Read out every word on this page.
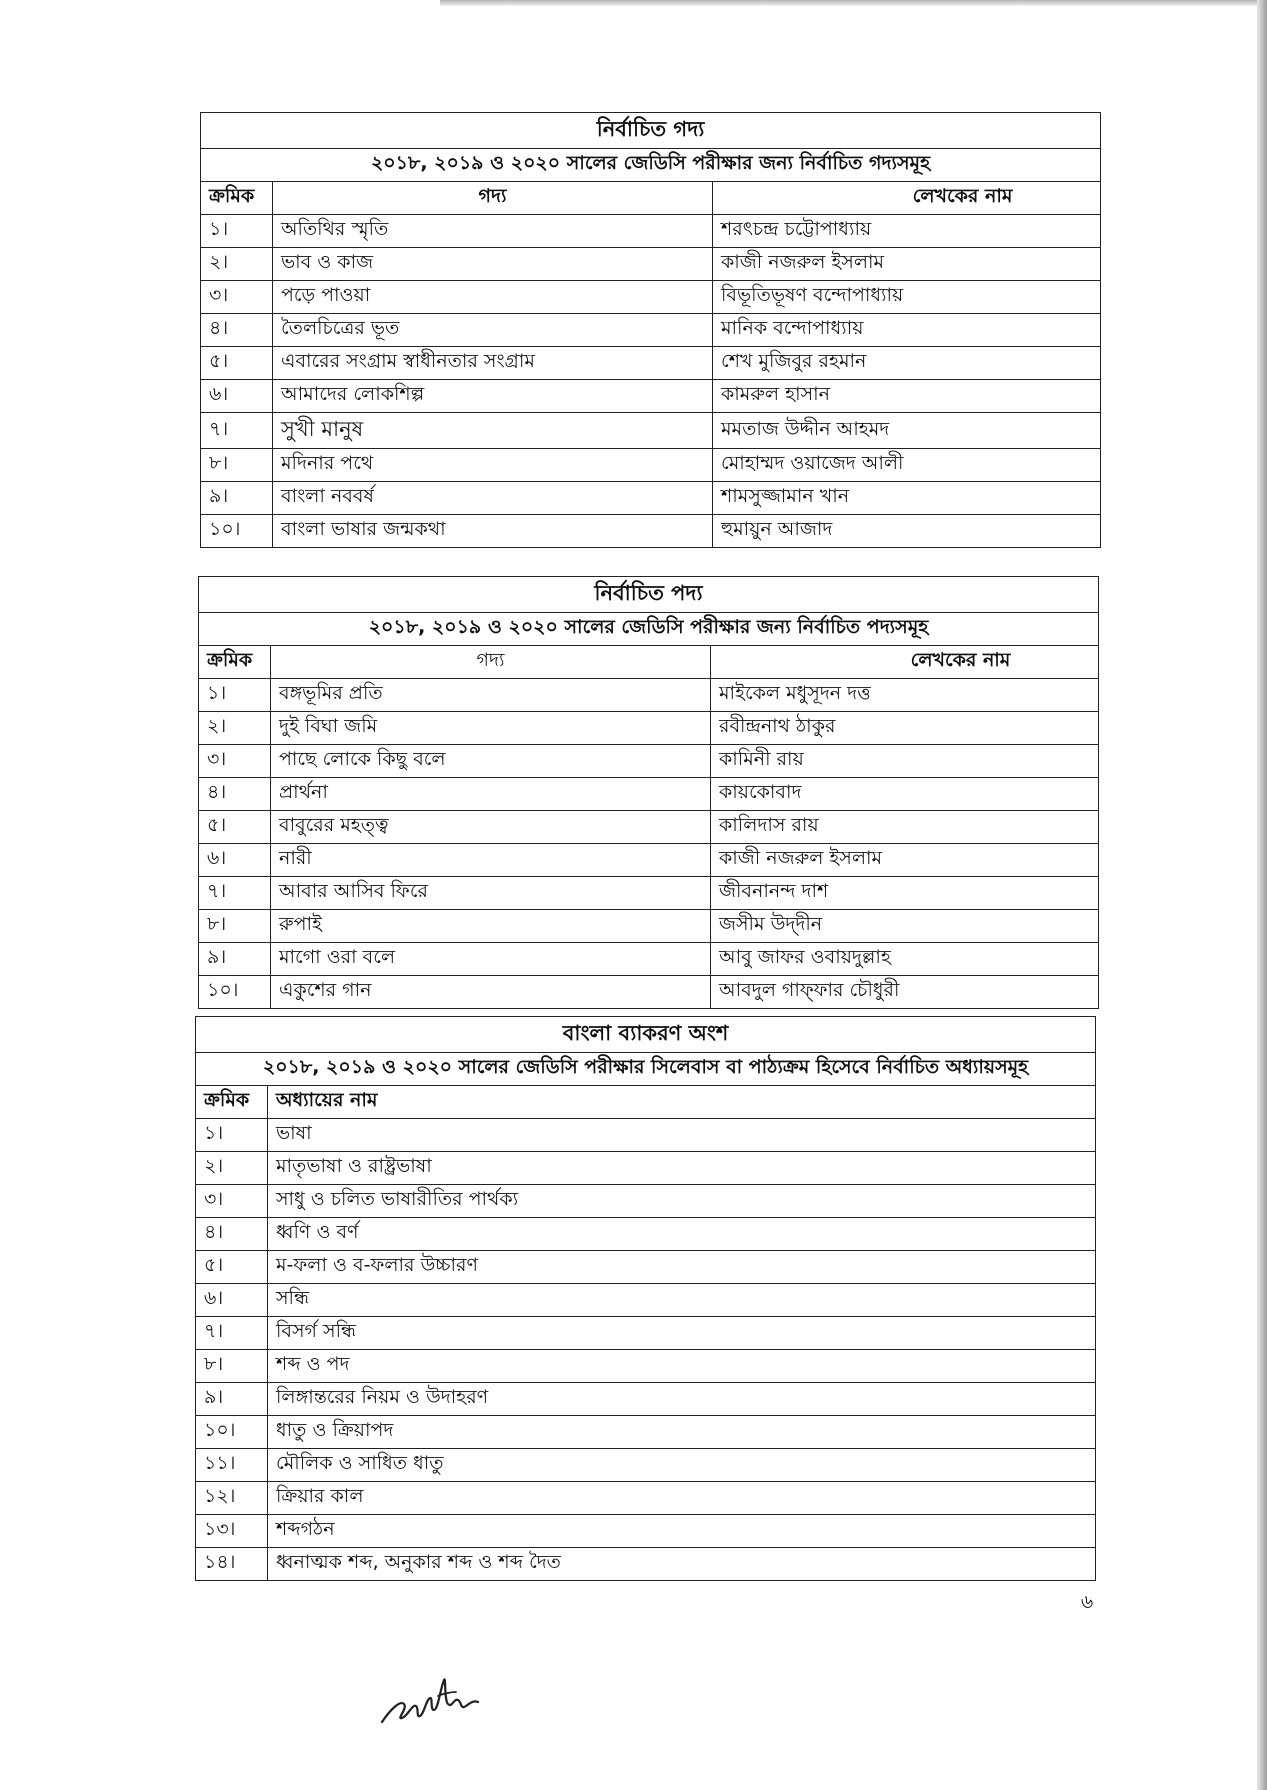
নির্বাচিত গদ্য		
২০১৮, ২০১৯ ও ২০২০ সালের জেডিসি পরীক্ষার জন্য নির্বাচিত গদ্যসমূহ		
ক্রমিক	গদ্য	লেখকের নাম
১।	অতিথির স্মৃতি	শরৎচন্দ্র চট্টোপাধ্যায়
২।	ভাব ও কাজ	কাজী নজরুল ইসলাম
৩।	পড়ে পাওয়া	বিভূতিভূষণ বন্দোপাধ্যায়
৪।	তৈলচিত্রের ভূত	মানিক বন্দোপাধ্যায়
৫।	এবারের সংগ্রাম স্বাধীনতার সংগ্রাম	শেখ মুজিবুর রহমান
৬।	আমাদের লোকশিল্প	কামরুল হাসান
৭।	সুখী মানুষ	মমতাজ উদ্দীন আহমদ
৮।	মদিনার পথে	মোহাম্মদ ওয়াজেদ আলী
৯।	বাংলা নববর্ষ	শামসুজ্জামান খান
১০।	বাংলা ভাষার জন্মকথা	হুমায়ুন আজাদ
নির্বাচিত পদ্য		
২০১৮, ২০১৯ ও ২০২০ সালের জেডিসি পরীক্ষার জন্য নির্বাচিত পদ্যসমূহ		
ক্রমিক	গদ্য	লেখকের নাম
১।	বঙ্গভূমির প্রতি	মাইকেল মধুসূদন দত্ত
২।	দুই বিঘা জমি	রবীন্দ্রনাথ ঠাকুর
৩।	পাছে লোকে কিছু বলে	কামিনী রায়
৪।	প্রার্থনা	কায়কোবাদ
৫।	বাবুরের মহত্ত্ব	কালিদাস রায়
৬।	নারী	কাজী নজরুল ইসলাম
৭।	আবার আসিব ফিরে	জীবনানন্দ দাশ
৮।	রুপাই	জসীম উদ্‌দীন
৯।	মাগো ওরা বলে	আবু জাফর ওবায়দুল্লাহ
১০।	একুশের গান	আবদুল গাফ্‌ফার চৌধুরী
বাংলা ব্যাকরণ অংশ	
২০১৮, ২০১৯ ও ২০২০ সালের জেডিসি পরীক্ষার সিলেবাস বা পাঠ্যক্রম হিসেবে নির্বাচিত অধ্যায়সমূহ	
ক্রমিক	অধ্যায়ের নাম
১।	ভাষা
২।	মাতৃভাষা ও রাষ্ট্রভাষা
৩।	সাধু ও চলিত ভাষারীতির পার্থক্য
৪।	ধ্বণি ও বর্ণ
৫।	ম-ফলা ও ব-ফলার উচ্চারণ
৬।	সন্ধি
৭।	বিসর্গ সন্ধি
৮।	শব্দ ও পদ
৯।	লিঙ্গান্তরের নিয়ম ও উদাহরণ
১০।	ধাতু ও ক্রিয়াপদ
১১।	মৌলিক ও সাধিত ধাতু
১২।	ক্রিয়ার কাল
১৩।	শব্দগঠন
১৪।	ধ্বনাত্মক শব্দ, অনুকার শব্দ ও শব্দ দৈত
৬
